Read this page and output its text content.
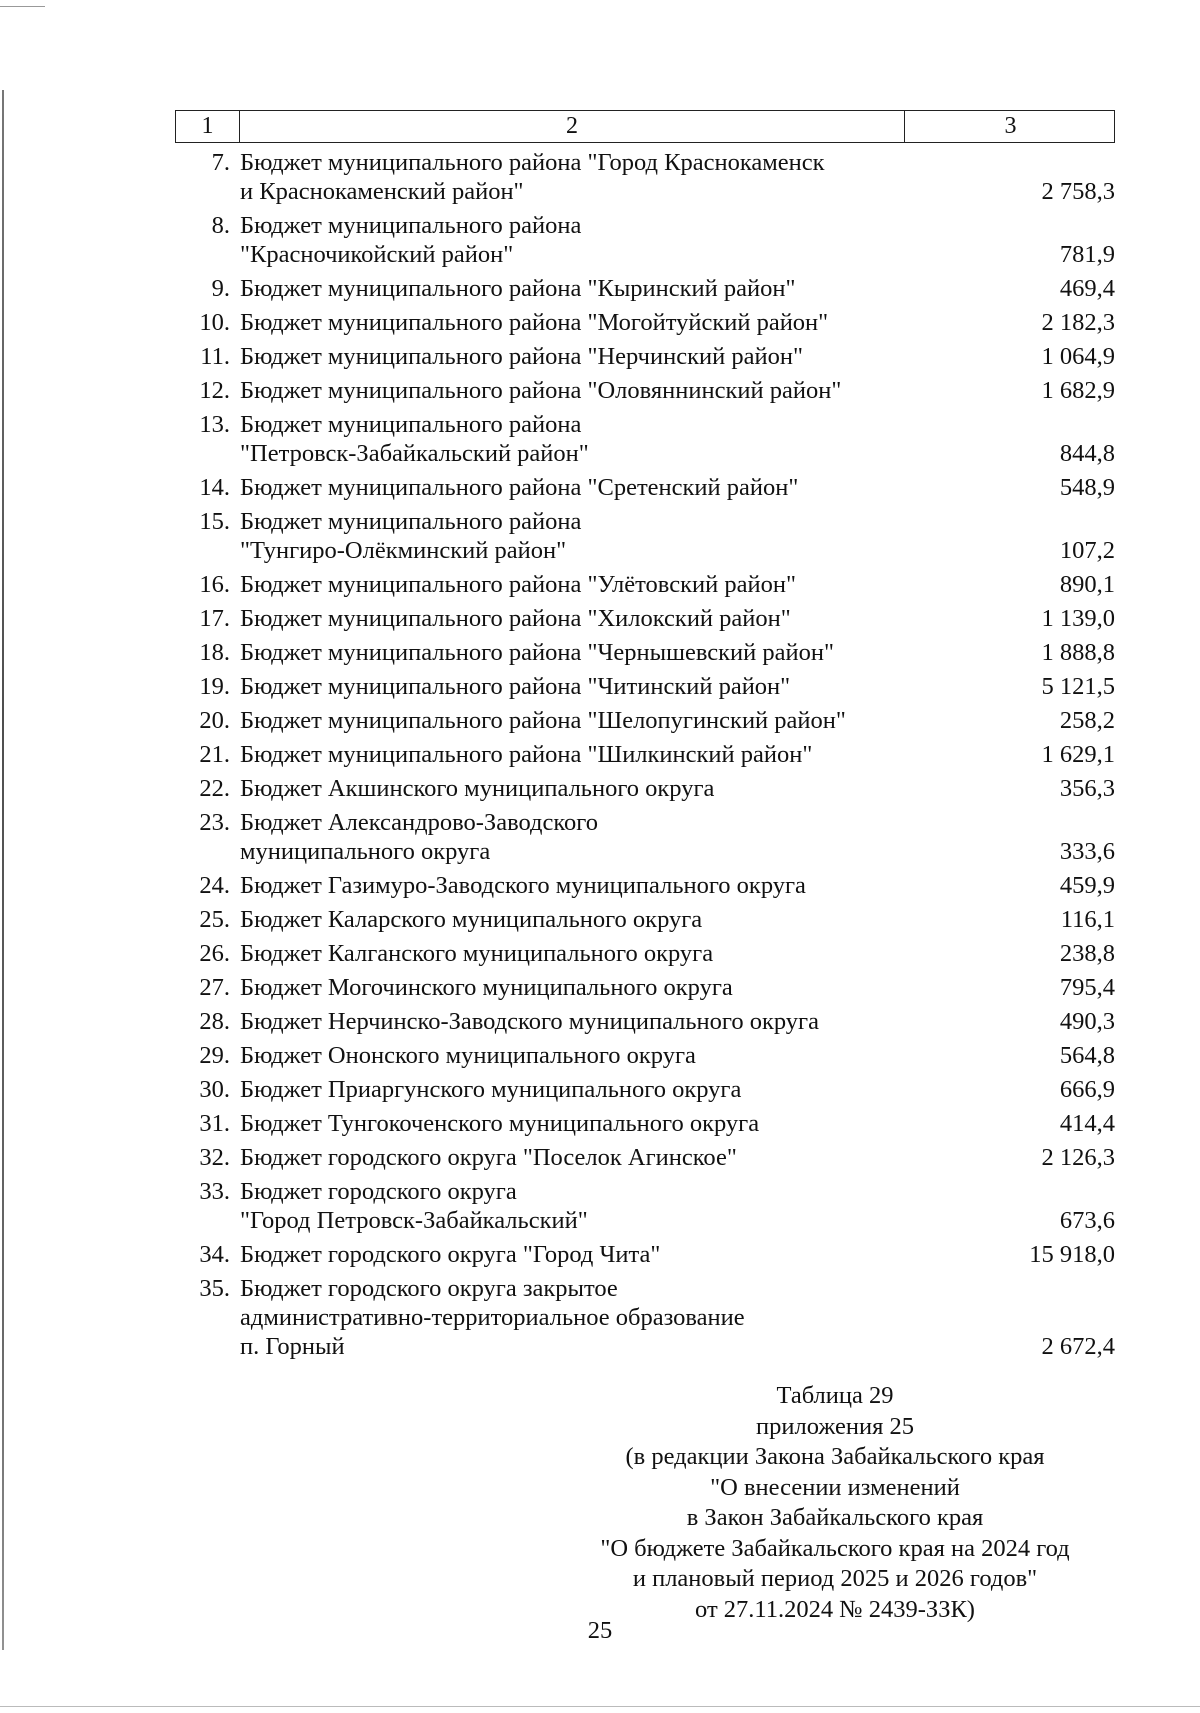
1	2	3
7. Бюджет муниципального района "Город Краснокаменск
и Краснокаменский район"	2 758,3
8. Бюджет муниципального района
"Красночикойский район"	781,9
9. Бюджет муниципального района "Кыринский район"	469,4
10. Бюджет муниципального района "Могойтуйский район"	2 182,3
11. Бюджет муниципального района "Нерчинский район"	1 064,9
12. Бюджет муниципального района "Оловяннинский район"	1 682,9
13. Бюджет муниципального района
"Петровск-Забайкальский район"	844,8
14. Бюджет муниципального района "Сретенский район"	548,9
15. Бюджет муниципального района
"Тунгиро-Олёкминский район"	107,2
16. Бюджет муниципального района "Улётовский район"	890,1
17. Бюджет муниципального района "Хилокский район"	1 139,0
18. Бюджет муниципального района "Чернышевский район"	1 888,8
19. Бюджет муниципального района "Читинский район"	5 121,5
20. Бюджет муниципального района "Шелопугинский район"	258,2
21. Бюджет муниципального района "Шилкинский район"	1 629,1
22. Бюджет Акшинского муниципального округа	356,3
23. Бюджет Александрово-Заводского
муниципального округа	333,6
24. Бюджет Газимуро-Заводского муниципального округа	459,9
25. Бюджет Каларского муниципального округа	116,1
26. Бюджет Калганского муниципального округа	238,8
27. Бюджет Могочинского муниципального округа	795,4
28. Бюджет Нерчинско-Заводского муниципального округа	490,3
29. Бюджет Ононского муниципального округа	564,8
30. Бюджет Приаргунского муниципального округа	666,9
31. Бюджет Тунгокоченского муниципального округа	414,4
32. Бюджет городского округа "Поселок Агинское"	2 126,3
33. Бюджет городского округа
"Город Петровск-Забайкальский"	673,6
34. Бюджет городского округа "Город Чита"	15 918,0
35. Бюджет городского округа закрытое
административно-территориальное образование
п. Горный	2 672,4
Таблица 29
приложения 25
(в редакции Закона Забайкальского края
"О внесении изменений
в Закон Забайкальского края
"О бюджете Забайкальского края на 2024 год
и плановый период 2025 и 2026 годов"
от 27.11.2024 № 2439-ЗЗК)
25
